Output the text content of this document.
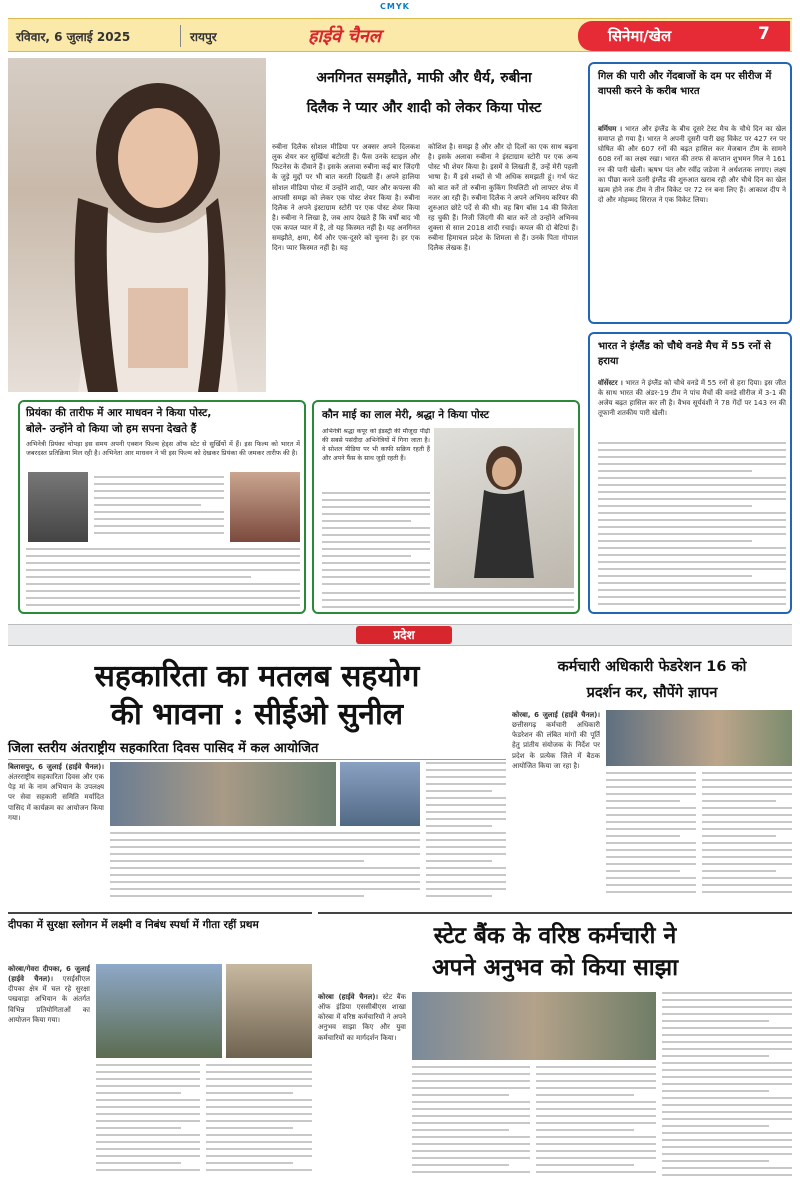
CMYK
रविवार, 6 जुलाई 2025	रायपुर	हाईवे चैनल	सिनेमा/खेल	7
अनगिनत समझौते, माफी और धैर्य, रुबीना
दिलैक ने प्यार और शादी को लेकर किया पोस्ट
रुबीना दिलैक सोशल मीडिया पर अक्सर अपने दिलकश लुक शेयर कर सुर्खियां बटोरती हैं। फैंस उनके स्टाइल और फिटनेस के दीवाने हैं। इसके अलावा रुबीना कई बार जिंदगी के जुड़े मुद्दों पर भी बात करती दिखती हैं। अपने हालिया सोशल मीडिया पोस्ट में उन्होंने शादी, प्यार और कपल्स की आपसी समझ को लेकर एक पोस्ट शेयर किया है। रुबीना दिलैक ने अपने इंस्टाग्राम स्टोरी पर एक पोस्ट शेयर किया है। रुबीना ने लिखा है, जब आप देखते हैं कि वर्षों बाद भी एक कपल प्यार में है, तो यह किस्मत नहीं है। यह अनगिनत समझौते, क्षमा, धैर्य और एक-दूसरे को चुनना है। हर एक दिन। प्यार किस्मत नहीं है। यह
कोशिश है। समझ है और और दो दिलों का एक साथ बढ़ना है। इसके अलावा रुबीना ने इंस्टाग्राम स्टोरी पर एक अन्य पोस्ट भी शेयर किया है। इसमें वे लिखती हैं, उन्हें मेरी पहली भाषा है। मैं इसे शब्दों से भी अधिक समझती हूं। गर्भ फंट को बात करें तो रुबीना कुकिंग रियलिटी शो लाफ्टर शेफ में नजर आ रही हैं। रुबीना दिलैक ने अपने अभिनय करियर की शुरुआत छोटे पर्दे से की थी। वह बिग बॉस 14 की विजेता रह चुकी हैं। निजी जिंदगी की बात करें तो उन्होंने अभिनव शुक्ला से साल 2018 शादी रचाई। कपल की दो बेटियां हैं। रुबीना हिमाचल प्रदेश के शिमला से हैं। उनके पिता गोपाल दिलैक लेखक हैं।
गिल की पारी और गेंदबाजों के दम पर सीरीज में वापसी करने के करीब भारत
बर्मिघम । भारत और इंग्लैंड के बीच दूसरे टेस्ट मैच के चौथे दिन का खेल समाप्त हो गया है। भारत ने अपनी दूसरी पारी छह विकेट पर 427 रन पर घोषित की और 607 रनों की बढ़त हासिल कर मेजबान टीम के सामने 608 रनों का लक्ष्य रखा। भारत की तरफ से कप्तान शुभमन गिल ने 161 रन की पारी खेली। ऋषभ पंत और रवींद्र जडेजा ने अर्धशतक लगाए। लक्ष्य का पीछा करने उतरी इंग्लैंड की शुरुआत खराब रही और चौथे दिन का खेल खत्म होने तक टीम ने तीन विकेट पर 72 रन बना लिए हैं। आकाश दीप ने दो और मोहम्मद सिराज ने एक विकेट लिया।
प्रियंका की तारीफ में आर माधवन ने किया पोस्ट,
बोले- उन्होंने वो किया जो हम सपना देखते हैं
अभिनेत्री प्रियंका चोपड़ा इस समय अपनी एक्शन फिल्म हेड्स ऑफ स्टेट से सुर्खियों में हैं। इस फिल्म को भारत में जबरदस्त प्रतिक्रिया मिल रही है। अभिनेता आर माधवन ने भी इस फिल्म को देखकर प्रियंका की जमकर तारीफ की है।
कौन माई का लाल मेरी, श्रद्धा ने किया पोस्ट
अभिनेत्री श्रद्धा कपूर को इंडस्ट्री की मौजूदा पीढ़ी की सबसे पसंदीदा अभिनेत्रियों में गिना जाता है। वे सोशल मीडिया पर भी काफी सक्रिय रहती हैं और अपने फैंस के साथ जुड़ी रहती हैं।
भारत ने इंग्लैंड को चौथे वनडे मैच में 55 रनों से हराया
वॉर्सेस्टर । भारत ने इंग्लैंड को चौथे वनडे में 55 रनों से हरा दिया। इस जीत के साथ भारत की अंडर-19 टीम ने पांच मैचों की वनडे सीरीज में 3-1 की अजेय बढ़त हासिल कर ली है। वैभव सूर्यवंशी ने 78 गेंदों पर 143 रन की तूफानी शतकीय पारी खेली।
प्रदेश
सहकारिता का मतलब सहयोग
की भावना : सीईओ सुनील
जिला स्तरीय अंतराष्ट्रीय सहकारिता दिवस पासिद में कल आयोजित
बिलासपुर, 6 जुलाई (हाईवे चैनल)। अंतरराष्ट्रीय सहकारिता दिवस और एक पेड़ मां के नाम अभियान के उपलक्ष्य पर सेवा सहकारी समिति मर्यादित पासिद में कार्यक्रम का आयोजन किया गया।
कर्मचारी अधिकारी फेडरेशन 16 को
प्रदर्शन कर, सौपेंगे ज्ञापन
कोरबा, 6 जुलाई (हाईवे चैनल)। छत्तीसगढ़ कर्मचारी अधिकारी फेडरेशन की लंबित मांगों की पूर्ति हेतु प्रांतीय संयोजक के निर्देश पर प्रदेश के प्रत्येक जिले में बैठक आयोजित किया जा रहा है।
दीपका में सुरक्षा स्लोगन में लक्ष्मी व निबंध स्पर्धा में गीता रहीं प्रथम
कोरबा/गेवरा दीपका, 6 जुलाई (हाईवे चैनल)। एसईसीएल दीपका क्षेत्र में चल रहे सुरक्षा पखवाड़ा अभियान के अंतर्गत विभिन्न प्रतियोगिताओं का आयोजन किया गया।
स्टेट बैंक के वरिष्ठ कर्मचारी ने
अपने अनुभव को किया साझा
कोरबा (हाईवे चैनल)। स्टेट बैंक ऑफ इंडिया एससीबीएस शाखा कोरबा में वरिष्ठ कर्मचारियों ने अपने अनुभव साझा किए और युवा कर्मचारियों का मार्गदर्शन किया।
